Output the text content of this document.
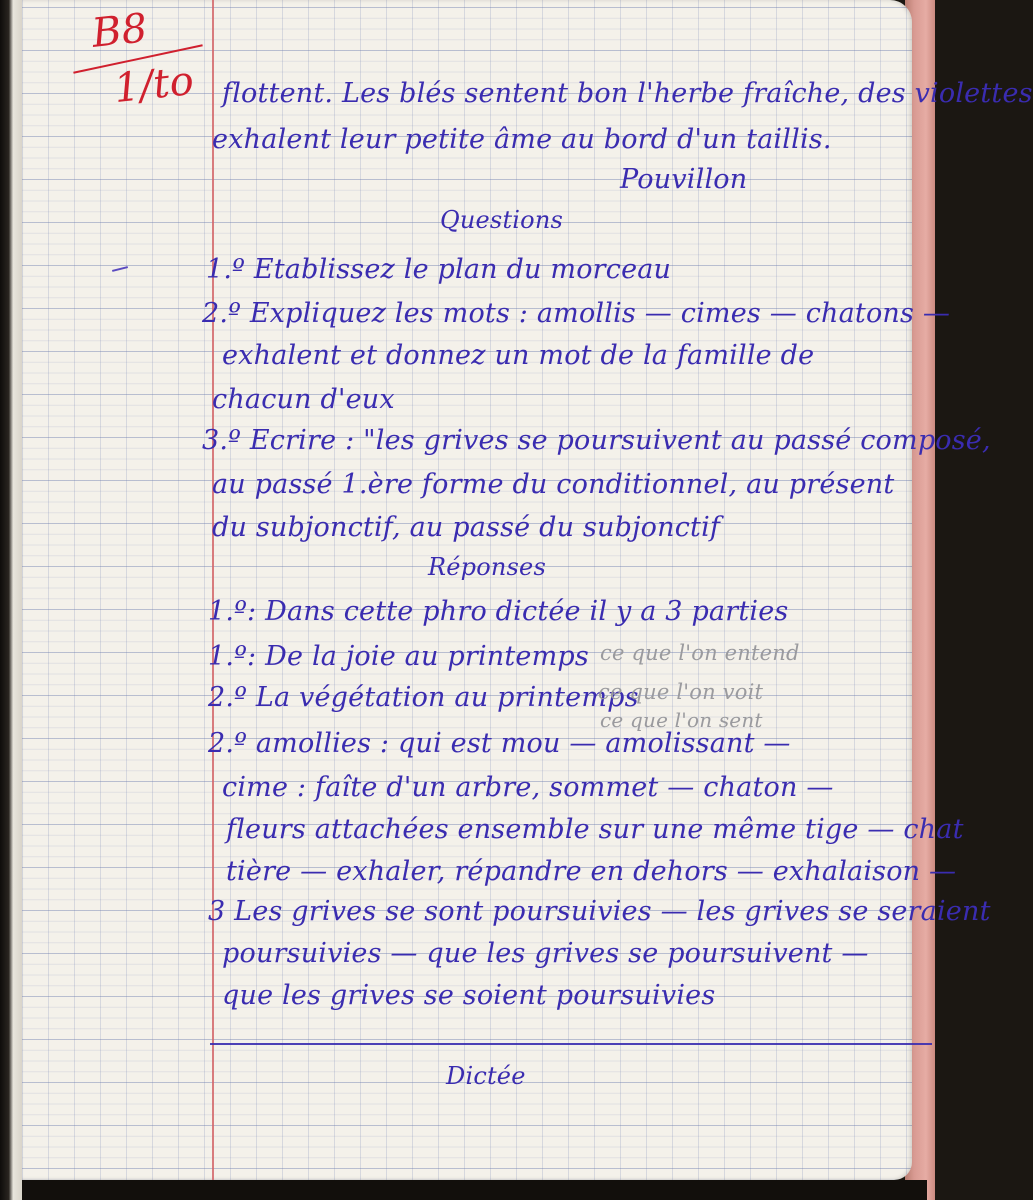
B8
1/to flottent. Les blés sentent bon l'herbe fraîche, des violettes
exhalent leur petite âme au bord d'un taillis.
Pouvillon
Questions
1.º Etablissez le plan du morceau
2.º Expliquez les mots : amollis — cimes — chatons —
exhalent et donnez un mot de la famille de
chacun d'eux
3.º Ecrire : "les grives se poursuivent au passé composé,
au passé 1.ère forme du conditionnel, au présent
du subjonctif, au passé du subjonctif
Réponses
1.º: Dans cette phro dictée il y a 3 parties
1.º: De la joie au printemps ce que l'on entend
2.º La végétation au printemps
ce que l'on voit
ce que l'on sent
2.º amollies : qui est mou — amolissant —
cime : faîte d'un arbre, sommet — chaton —
fleurs attachées ensemble sur une même tige — chat
tière — exhaler, répandre en dehors — exhalaison —
3 Les grives se sont poursuivies — les grives se seraient
poursuivies — que les grives se poursuivent —
que les grives se soient poursuivies
Dictée
